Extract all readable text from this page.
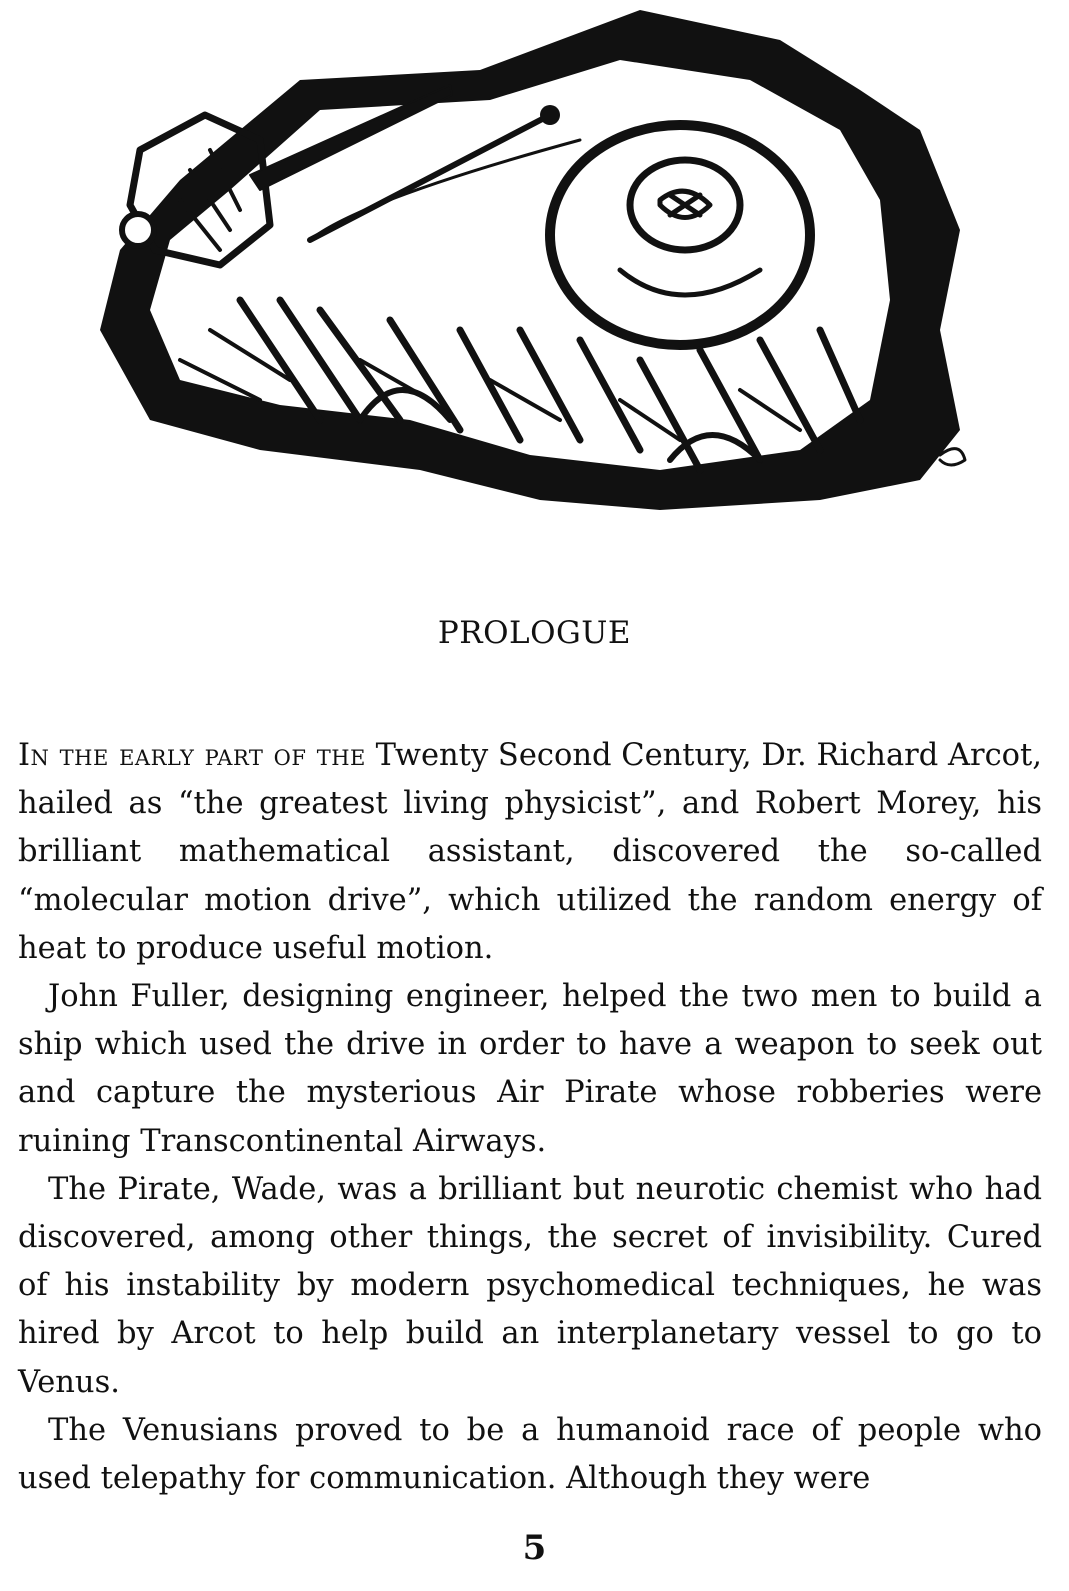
PROLOGUE

In the early part of the Twenty Second Century, Dr. Richard Arcot, hailed as “the greatest living physicist”, and Robert Morey, his brilliant mathematical assistant, discovered the so-called “molecular motion drive”, which utilized the random energy of heat to produce useful motion.

John Fuller, designing engineer, helped the two men to build a ship which used the drive in order to have a weapon to seek out and capture the mysterious Air Pirate whose robberies were ruining Transcontinental Airways.

The Pirate, Wade, was a brilliant but neurotic chemist who had discovered, among other things, the secret of invisibility. Cured of his instability by modern psychomedical techniques, he was hired by Arcot to help build an interplanetary vessel to go to Venus.

The Venusians proved to be a humanoid race of people who used telepathy for communication. Although they were

5
